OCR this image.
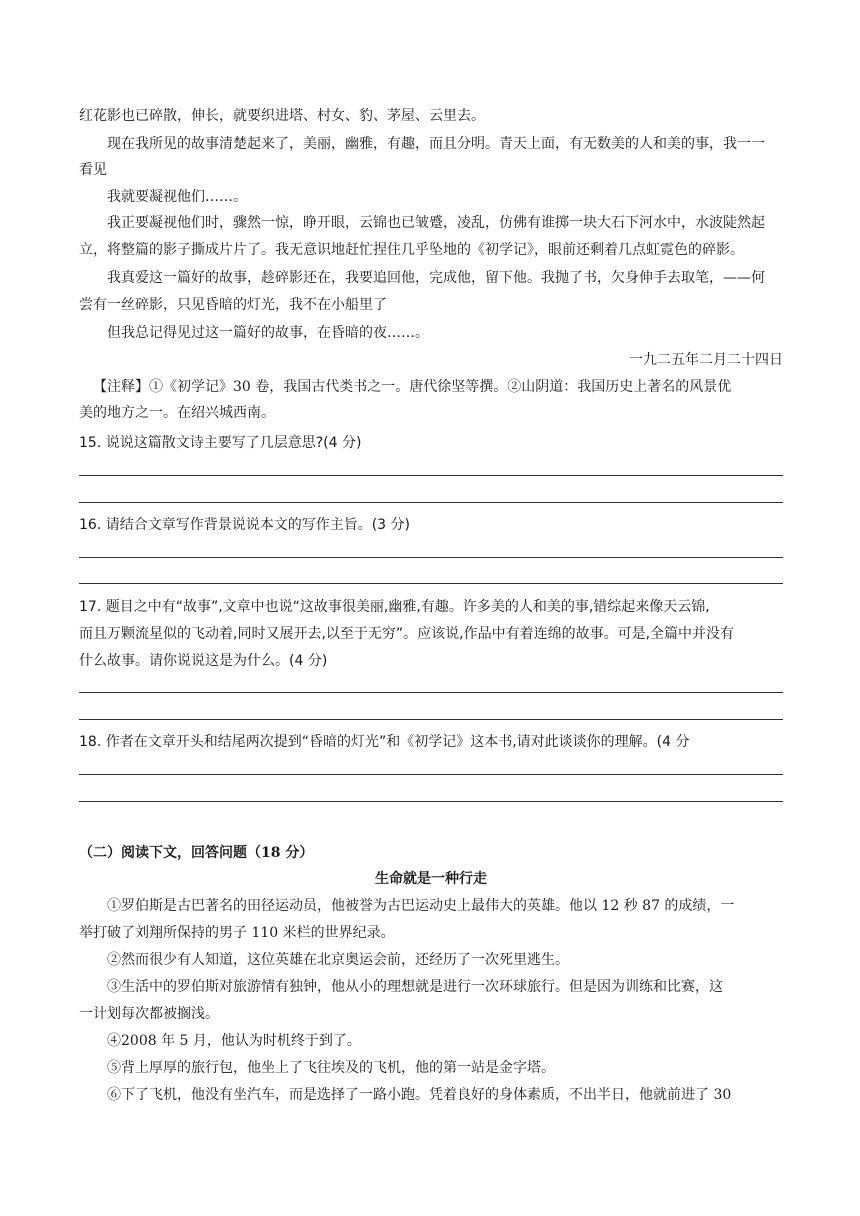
红花影也已碎散，伸长，就要织进塔、村女、豹、茅屋、云里去。
现在我所见的故事清楚起来了，美丽，幽雅，有趣，而且分明。青天上面，有无数美的人和美的事，我一一
看见
我就要凝视他们……。
我正要凝视他们时，骤然一惊，睁开眼，云锦也已皱蹙，凌乱，仿佛有谁掷一块大石下河水中，水波陡然起
立，将整篇的影子撕成片片了。我无意识地赶忙捏住几乎坠地的《初学记》，眼前还剩着几点虹霓色的碎影。
我真爱这一篇好的故事，趁碎影还在，我要追回他，完成他，留下他。我抛了书，欠身伸手去取笔，——何
尝有一丝碎影，只见昏暗的灯光，我不在小船里了
但我总记得见过这一篇好的故事，在昏暗的夜……。
一九二五年二月二十四日
【注释】①《初学记》30 卷，我国古代类书之一。唐代徐坚等撰。②山阴道：我国历史上著名的风景优
美的地方之一。在绍兴城西南。
15. 说说这篇散文诗主要写了几层意思?(4 分)
16. 请结合文章写作背景说说本文的写作主旨。(3 分)
17. 题目之中有“故事”,文章中也说“这故事很美丽,幽雅,有趣。许多美的人和美的事,错综起来像天云锦,
而且万颗流星似的飞动着,同时又展开去,以至于无穷”。应该说,作品中有着连绵的故事。可是,全篇中并没有
什么故事。请你说说这是为什么。(4 分)
18. 作者在文章开头和结尾两次提到“昏暗的灯光”和《初学记》这本书,请对此谈谈你的理解。(4 分
（二）阅读下文，回答问题（18 分）
生命就是一种行走
①罗伯斯是古巴著名的田径运动员，他被誉为古巴运动史上最伟大的英雄。他以 12 秒 87 的成绩，一
举打破了刘翔所保持的男子 110 米栏的世界纪录。
②然而很少有人知道，这位英雄在北京奥运会前，还经历了一次死里逃生。
③生活中的罗伯斯对旅游情有独钟，他从小的理想就是进行一次环球旅行。但是因为训练和比赛，这
一计划每次都被搁浅。
④2008 年 5 月，他认为时机终于到了。
⑤背上厚厚的旅行包，他坐上了飞往埃及的飞机，他的第一站是金字塔。
⑥下了飞机，他没有坐汽车，而是选择了一路小跑。凭着良好的身体素质，不出半日，他就前进了 30
